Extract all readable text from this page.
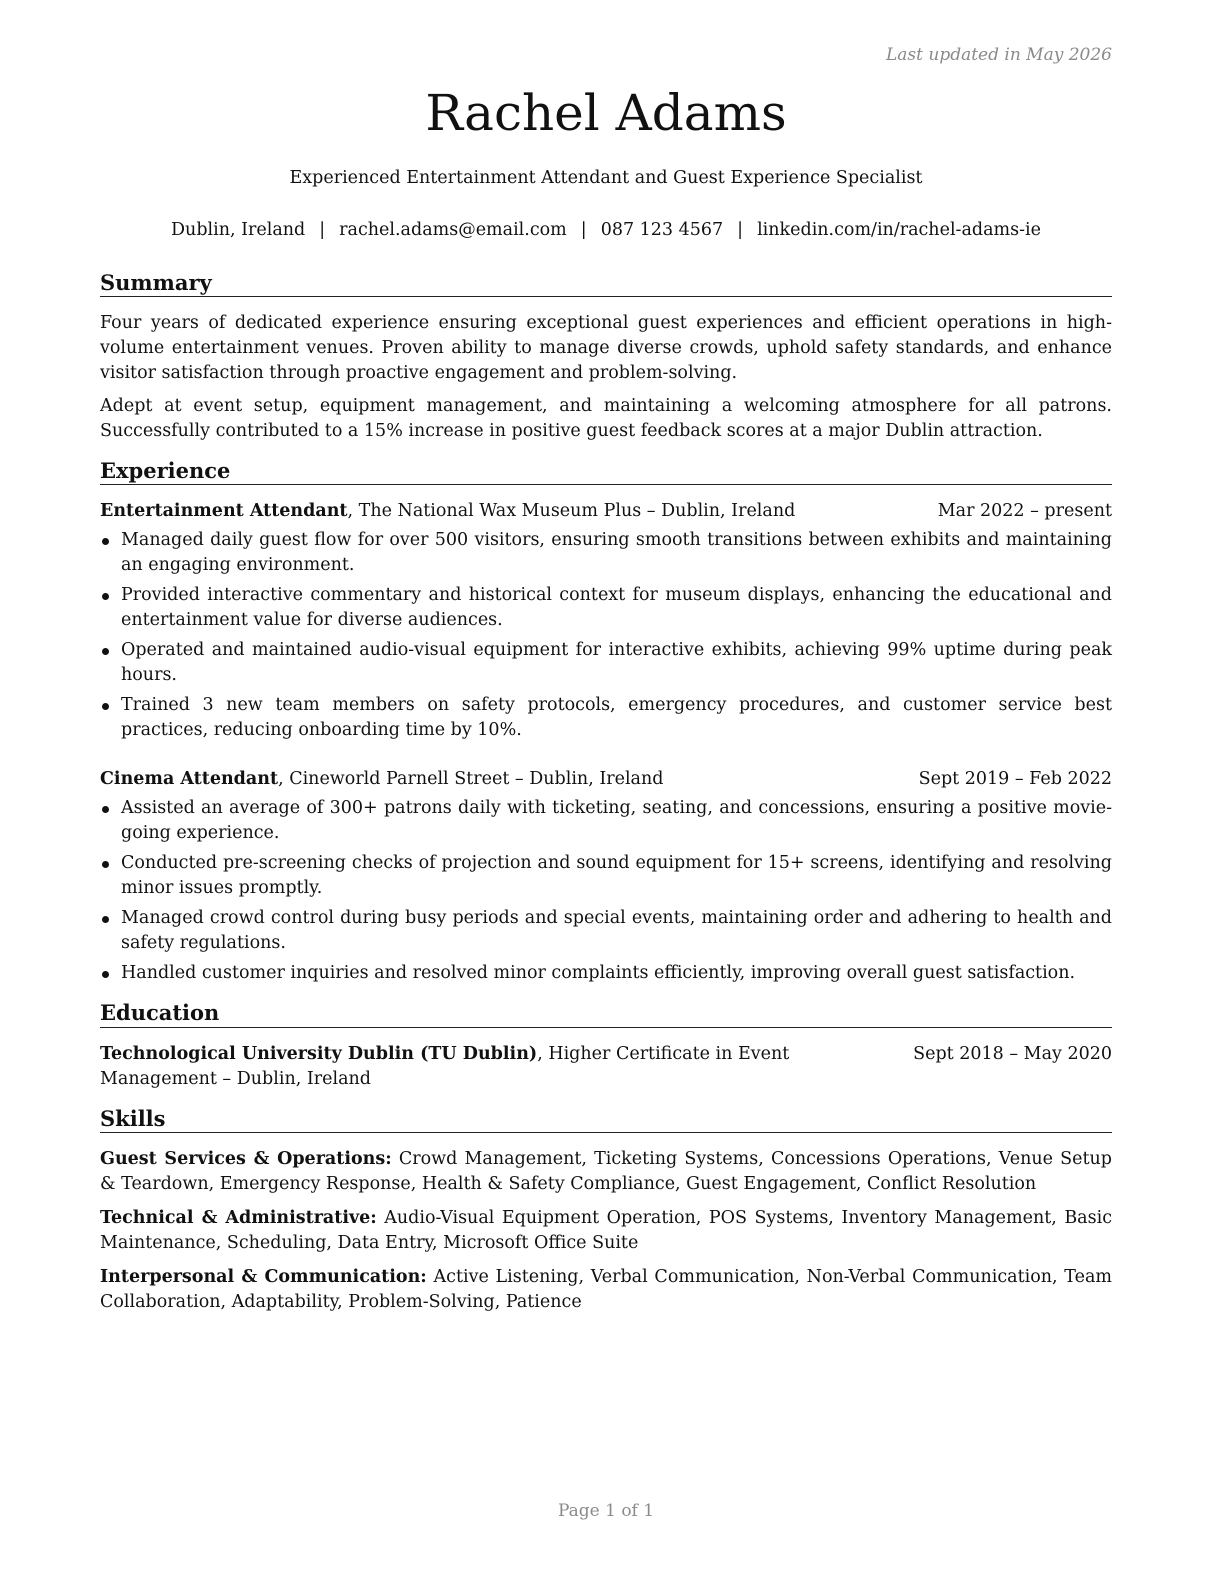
Last updated in May 2026
Rachel Adams
Experienced Entertainment Attendant and Guest Experience Specialist
Dublin, Ireland | rachel.adams@email.com | 087 123 4567 | linkedin.com/in/rachel-adams-ie
Summary

Four years of dedicated experience ensuring exceptional guest experiences and efficient operations in high-volume entertainment venues. Proven ability to manage diverse crowds, uphold safety standards, and enhance visitor satisfaction through proactive engagement and problem-solving.

Adept at event setup, equipment management, and maintaining a welcoming atmosphere for all patrons. Successfully contributed to a 15% increase in positive guest feedback scores at a major Dublin attraction.

Experience
Entertainment Attendant, The National Wax Museum Plus – Dublin, Ireland	Mar 2022 – present
Managed daily guest flow for over 500 visitors, ensuring smooth transitions between exhibits and maintaining an engaging environment.
Provided interactive commentary and historical context for museum displays, enhancing the educational and entertainment value for diverse audiences.
Operated and maintained audio-visual equipment for interactive exhibits, achieving 99% uptime during peak hours.
Trained 3 new team members on safety protocols, emergency procedures, and customer service best practices, reducing onboarding time by 10%.
Cinema Attendant, Cineworld Parnell Street – Dublin, Ireland	Sept 2019 – Feb 2022
Assisted an average of 300+ patrons daily with ticketing, seating, and concessions, ensuring a positive movie-going experience.
Conducted pre-screening checks of projection and sound equipment for 15+ screens, identifying and resolving minor issues promptly.
Managed crowd control during busy periods and special events, maintaining order and adhering to health and safety regulations.
Handled customer inquiries and resolved minor complaints efficiently, improving overall guest satisfaction.
Education
Technological University Dublin (TU Dublin), Higher Certificate in Event Management – Dublin, Ireland
Sept 2018 – May 2020
Skills
Guest Services & Operations: Crowd Management, Ticketing Systems, Concessions Operations, Venue Setup & Teardown, Emergency Response, Health & Safety Compliance, Guest Engagement, Conflict Resolution
Technical & Administrative: Audio-Visual Equipment Operation, POS Systems, Inventory Management, Basic Maintenance, Scheduling, Data Entry, Microsoft Office Suite
Interpersonal & Communication: Active Listening, Verbal Communication, Non-Verbal Communication, Team Collaboration, Adaptability, Problem-Solving, Patience
Page 1 of 1
